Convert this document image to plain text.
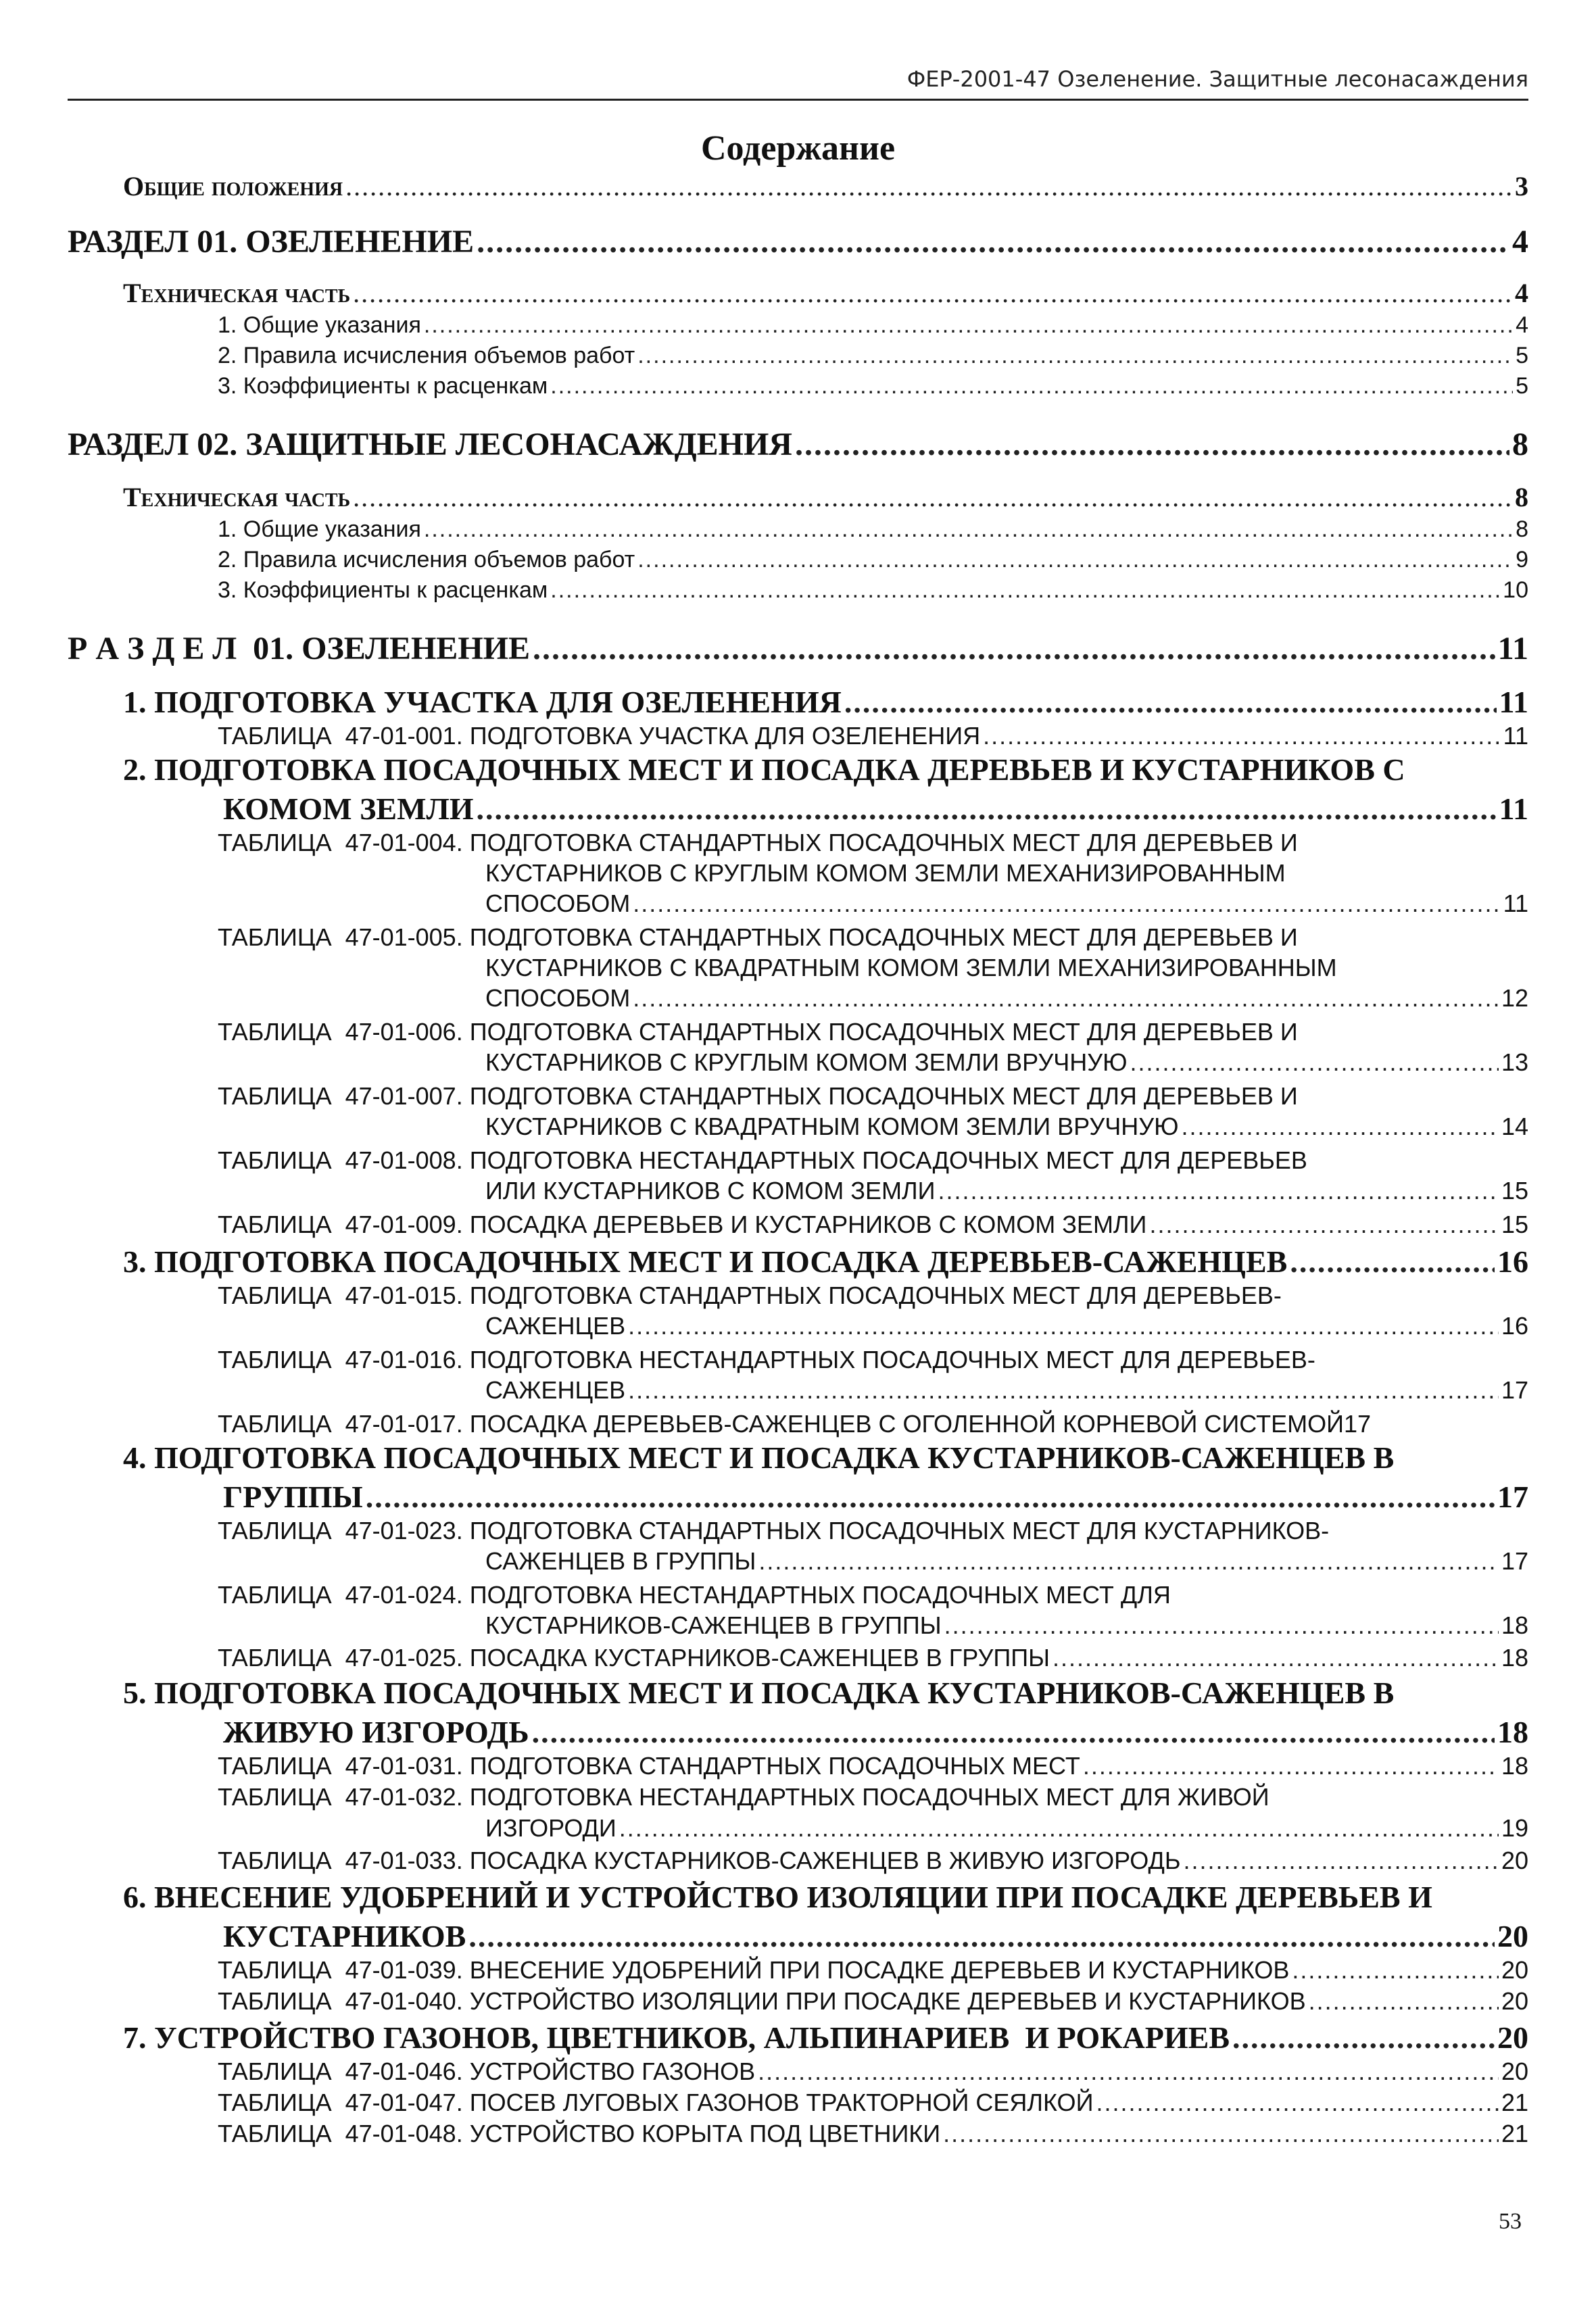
ФЕР-2001-47 Озеленение. Защитные лесонасаждения
Содержание
Общие положения .....	3
РАЗДЕЛ 01. ОЗЕЛЕНЕНИЕ .....	4
Техническая часть .....	4
1. Общие указания .....	4
2. Правила исчисления объемов работ .....	5
3. Коэффициенты к расценкам .....	5
РАЗДЕЛ 02. ЗАЩИТНЫЕ ЛЕСОНАСАЖДЕНИЯ .....	8
Техническая часть .....	8
1. Общие указания .....	8
2. Правила исчисления объемов работ .....	9
3. Коэффициенты к расценкам .....	10
Р А З Д Е Л  01. ОЗЕЛЕНЕНИЕ .....	11
1. ПОДГОТОВКА УЧАСТКА ДЛЯ ОЗЕЛЕНЕНИЯ .....	11
ТАБЛИЦА  47-01-001. ПОДГОТОВКА УЧАСТКА ДЛЯ ОЗЕЛЕНЕНИЯ .....	11
2. ПОДГОТОВКА ПОСАДОЧНЫХ МЕСТ И ПОСАДКА ДЕРЕВЬЕВ И КУСТАРНИКОВ С
КОМОМ ЗЕМЛИ .....	11
ТАБЛИЦА  47-01-004. ПОДГОТОВКА СТАНДАРТНЫХ ПОСАДОЧНЫХ МЕСТ ДЛЯ ДЕРЕВЬЕВ И
КУСТАРНИКОВ С КРУГЛЫМ КОМОМ ЗЕМЛИ МЕХАНИЗИРОВАННЫМ
СПОСОБОМ .....	11
ТАБЛИЦА  47-01-005. ПОДГОТОВКА СТАНДАРТНЫХ ПОСАДОЧНЫХ МЕСТ ДЛЯ ДЕРЕВЬЕВ И
КУСТАРНИКОВ С КВАДРАТНЫМ КОМОМ ЗЕМЛИ МЕХАНИЗИРОВАННЫМ
СПОСОБОМ .....	12
ТАБЛИЦА  47-01-006. ПОДГОТОВКА СТАНДАРТНЫХ ПОСАДОЧНЫХ МЕСТ ДЛЯ ДЕРЕВЬЕВ И
КУСТАРНИКОВ С КРУГЛЫМ КОМОМ ЗЕМЛИ ВРУЧНУЮ .....	13
ТАБЛИЦА  47-01-007. ПОДГОТОВКА СТАНДАРТНЫХ ПОСАДОЧНЫХ МЕСТ ДЛЯ ДЕРЕВЬЕВ И
КУСТАРНИКОВ С КВАДРАТНЫМ КОМОМ ЗЕМЛИ ВРУЧНУЮ .....	14
ТАБЛИЦА  47-01-008. ПОДГОТОВКА НЕСТАНДАРТНЫХ ПОСАДОЧНЫХ МЕСТ ДЛЯ ДЕРЕВЬЕВ
ИЛИ КУСТАРНИКОВ С КОМОМ ЗЕМЛИ .....	15
ТАБЛИЦА  47-01-009. ПОСАДКА ДЕРЕВЬЕВ И КУСТАРНИКОВ С КОМОМ ЗЕМЛИ .....	15
3. ПОДГОТОВКА ПОСАДОЧНЫХ МЕСТ И ПОСАДКА ДЕРЕВЬЕВ-САЖЕНЦЕВ .....	16
ТАБЛИЦА  47-01-015. ПОДГОТОВКА СТАНДАРТНЫХ ПОСАДОЧНЫХ МЕСТ ДЛЯ ДЕРЕВЬЕВ-
САЖЕНЦЕВ .....	16
ТАБЛИЦА  47-01-016. ПОДГОТОВКА НЕСТАНДАРТНЫХ ПОСАДОЧНЫХ МЕСТ ДЛЯ ДЕРЕВЬЕВ-
САЖЕНЦЕВ .....	17
ТАБЛИЦА  47-01-017. ПОСАДКА ДЕРЕВЬЕВ-САЖЕНЦЕВ С ОГОЛЕННОЙ КОРНЕВОЙ СИСТЕМОЙ17
4. ПОДГОТОВКА ПОСАДОЧНЫХ МЕСТ И ПОСАДКА КУСТАРНИКОВ-САЖЕНЦЕВ В
ГРУППЫ .....	17
ТАБЛИЦА  47-01-023. ПОДГОТОВКА СТАНДАРТНЫХ ПОСАДОЧНЫХ МЕСТ ДЛЯ КУСТАРНИКОВ-
САЖЕНЦЕВ В ГРУППЫ .....	17
ТАБЛИЦА  47-01-024. ПОДГОТОВКА НЕСТАНДАРТНЫХ ПОСАДОЧНЫХ МЕСТ ДЛЯ
КУСТАРНИКОВ-САЖЕНЦЕВ В ГРУППЫ .....	18
ТАБЛИЦА  47-01-025. ПОСАДКА КУСТАРНИКОВ-САЖЕНЦЕВ В ГРУППЫ .....	18
5. ПОДГОТОВКА ПОСАДОЧНЫХ МЕСТ И ПОСАДКА КУСТАРНИКОВ-САЖЕНЦЕВ В
ЖИВУЮ ИЗГОРОДЬ .....	18
ТАБЛИЦА  47-01-031. ПОДГОТОВКА СТАНДАРТНЫХ ПОСАДОЧНЫХ МЕСТ .....	18
ТАБЛИЦА  47-01-032. ПОДГОТОВКА НЕСТАНДАРТНЫХ ПОСАДОЧНЫХ МЕСТ ДЛЯ ЖИВОЙ
ИЗГОРОДИ .....	19
ТАБЛИЦА  47-01-033. ПОСАДКА КУСТАРНИКОВ-САЖЕНЦЕВ В ЖИВУЮ ИЗГОРОДЬ .....	20
6. ВНЕСЕНИЕ УДОБРЕНИЙ И УСТРОЙСТВО ИЗОЛЯЦИИ ПРИ ПОСАДКЕ ДЕРЕВЬЕВ И
КУСТАРНИКОВ .....	20
ТАБЛИЦА  47-01-039. ВНЕСЕНИЕ УДОБРЕНИЙ ПРИ ПОСАДКЕ ДЕРЕВЬЕВ И КУСТАРНИКОВ .....	20
ТАБЛИЦА  47-01-040. УСТРОЙСТВО ИЗОЛЯЦИИ ПРИ ПОСАДКЕ ДЕРЕВЬЕВ И КУСТАРНИКОВ .....	20
7. УСТРОЙСТВО ГАЗОНОВ, ЦВЕТНИКОВ, АЛЬПИНАРИЕВ  И РОКАРИЕВ .....	20
ТАБЛИЦА  47-01-046. УСТРОЙСТВО ГАЗОНОВ .....	20
ТАБЛИЦА  47-01-047. ПОСЕВ ЛУГОВЫХ ГАЗОНОВ ТРАКТОРНОЙ СЕЯЛКОЙ .....	21
ТАБЛИЦА  47-01-048. УСТРОЙСТВО КОРЫТА ПОД ЦВЕТНИКИ .....	21
53
